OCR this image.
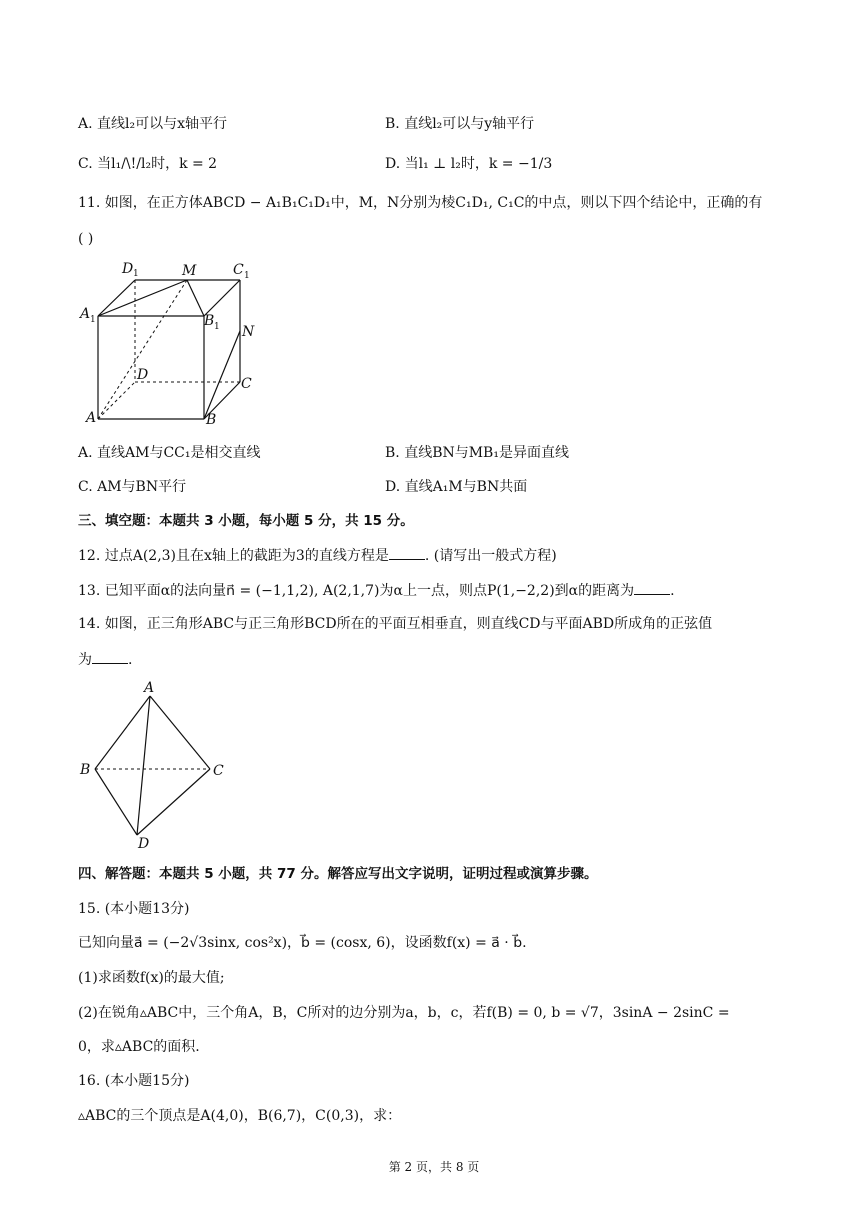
A. 直线l₂可以与x轴平行	B. 直线l₂可以与y轴平行
C. 当l₁/\!/l₂时，k = 2	D. 当l₁ ⊥ l₂时，k = −1/3
11. 如图，在正方体ABCD − A₁B₁C₁D₁中，M，N分别为棱C₁D₁, C₁C的中点，则以下四个结论中，正确的有
( )
D 1	M	C 1
A 1	B 1 N
D
C
A	B
A. 直线AM与CC₁是相交直线	B. 直线BN与MB₁是异面直线
C. AM与BN平行	D. 直线A₁M与BN共面
三、填空题：本题共 3 小题，每小题 5 分，共 15 分。
12. 过点A(2,3)且在x轴上的截距为3的直线方程是	. (请写出一般式方程)
13. 已知平面α的法向量n⃗ = (−1,1,2), A(2,1,7)为α上一点，则点P(1,−2,2)到α的距离为	.
14. 如图，正三角形ABC与正三角形BCD所在的平面互相垂直，则直线CD与平面ABD所成角的正弦值
为	.
A
B	C
D
四、解答题：本题共 5 小题，共 77 分。解答应写出文字说明，证明过程或演算步骤。
15. (本小题13分)
已知向量a⃗ = (−2√3sinx, cos²x)，b⃗ = (cosx, 6)，设函数f(x) = a⃗ · b⃗.
(1)求函数f(x)的最大值;
(2)在锐角▵ABC中，三个角A，B，C所对的边分别为a，b，c，若f(B) = 0, b = √7，3sinA − 2sinC =
0，求▵ABC的面积.
16. (本小题15分)
▵ABC的三个顶点是A(4,0)，B(6,7)，C(0,3)，求：
第 2 页，共 8 页
